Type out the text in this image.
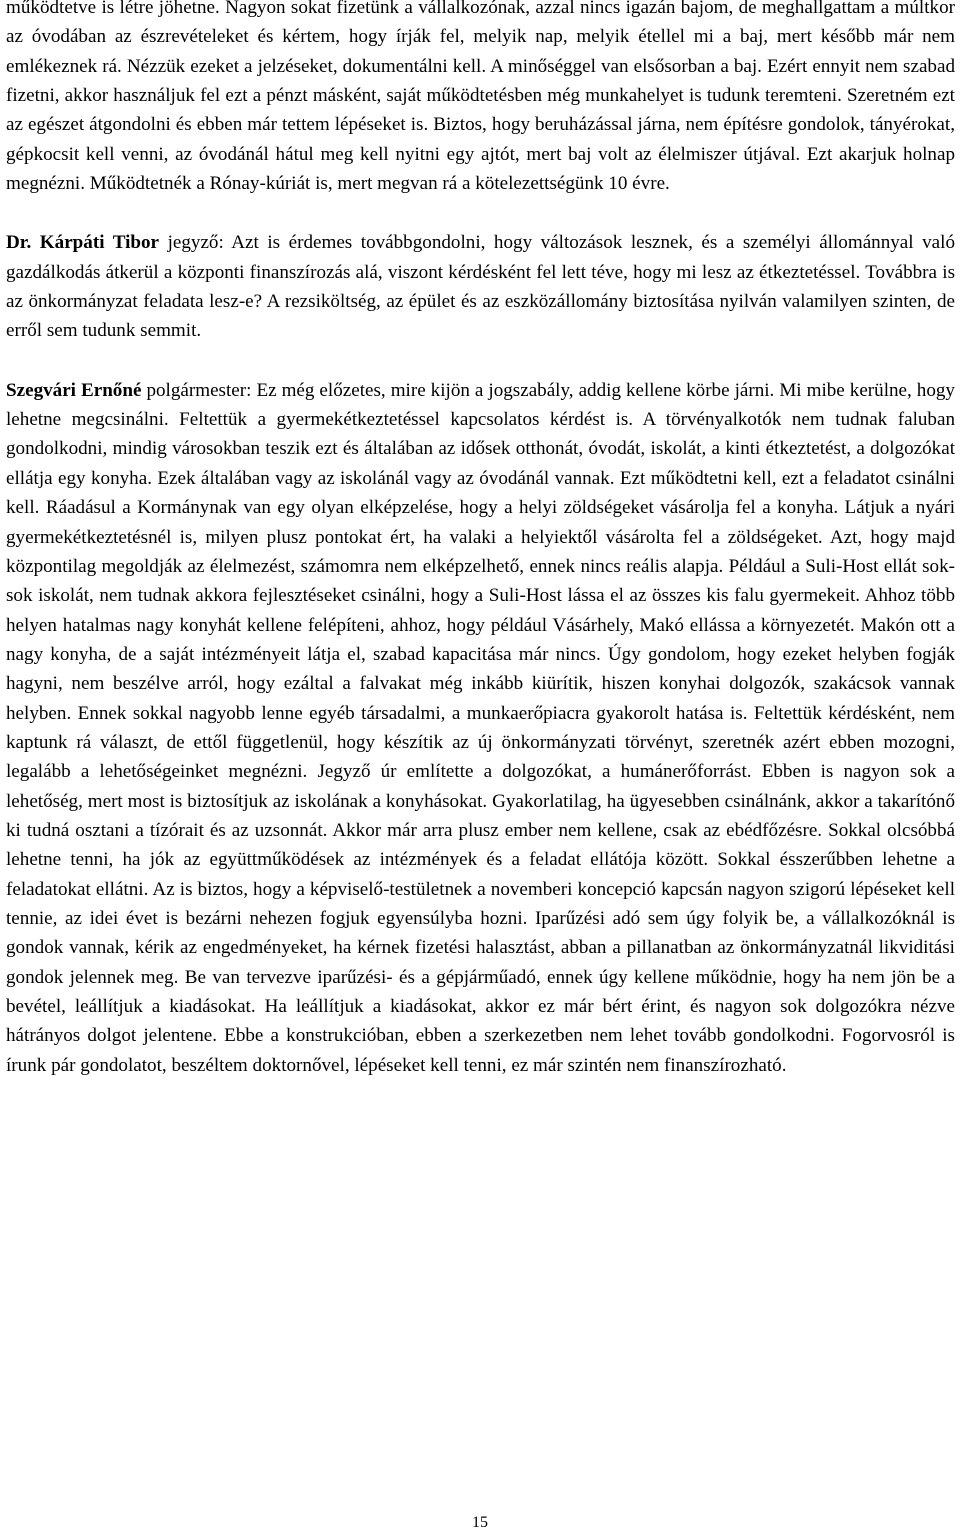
működtetve is létre jöhetne. Nagyon sokat fizetünk a vállalkozónak, azzal nincs igazán bajom, de meghallgattam a múltkor az óvodában az észrevételeket és kértem, hogy írják fel, melyik nap, melyik étellel mi a baj, mert később már nem emlékeznek rá. Nézzük ezeket a jelzéseket, dokumentálni kell. A minőséggel van elsősorban a baj. Ezért ennyit nem szabad fizetni, akkor használjuk fel ezt a pénzt másként, saját működtetésben még munkahelyet is tudunk teremteni. Szeretném ezt az egészet átgondolni és ebben már tettem lépéseket is. Biztos, hogy beruházással járna, nem építésre gondolok, tányérokat, gépkocsit kell venni, az óvodánál hátul meg kell nyitni egy ajtót, mert baj volt az élelmiszer útjával. Ezt akarjuk holnap megnézni. Működtetnék a Rónay-kúriát is, mert megvan rá a kötelezettségünk 10 évre.

Dr. Kárpáti Tibor jegyző: Azt is érdemes továbbgondolni, hogy változások lesznek, és a személyi állománnyal való gazdálkodás átkerül a központi finanszírozás alá, viszont kérdésként fel lett téve, hogy mi lesz az étkeztetéssel. Továbbra is az önkormányzat feladata lesz-e? A rezsiköltség, az épület és az eszközállomány biztosítása nyilván valamilyen szinten, de erről sem tudunk semmit.

Szegvári Ernőné polgármester: Ez még előzetes, mire kijön a jogszabály, addig kellene körbe járni. Mi mibe kerülne, hogy lehetne megcsinálni. Feltettük a gyermekétkeztetéssel kapcsolatos kérdést is. A törvényalkotók nem tudnak faluban gondolkodni, mindig városokban teszik ezt és általában az idősek otthonát, óvodát, iskolát, a kinti étkeztetést, a dolgozókat ellátja egy konyha. Ezek általában vagy az iskolánál vagy az óvodánál vannak. Ezt működtetni kell, ezt a feladatot csinálni kell. Ráadásul a Kormánynak van egy olyan elképzelése, hogy a helyi zöldségeket vásárolja fel a konyha. Látjuk a nyári gyermekétkeztetésnél is, milyen plusz pontokat ért, ha valaki a helyiektől vásárolta fel a zöldségeket. Azt, hogy majd központilag megoldják az élelmezést, számomra nem elképzelhető, ennek nincs reális alapja. Például a Suli-Host ellát sok-sok iskolát, nem tudnak akkora fejlesztéseket csinálni, hogy a Suli-Host lássa el az összes kis falu gyermekeit. Ahhoz több helyen hatalmas nagy konyhát kellene felépíteni, ahhoz, hogy például Vásárhely, Makó ellássa a környezetét. Makón ott a nagy konyha, de a saját intézményeit látja el, szabad kapacitása már nincs. Úgy gondolom, hogy ezeket helyben fogják hagyni, nem beszélve arról, hogy ezáltal a falvakat még inkább kiürítik, hiszen konyhai dolgozók, szakácsok vannak helyben. Ennek sokkal nagyobb lenne egyéb társadalmi, a munkaerőpiacra gyakorolt hatása is. Feltettük kérdésként, nem kaptunk rá választ, de ettől függetlenül, hogy készítik az új önkormányzati törvényt, szeretnék azért ebben mozogni, legalább a lehetőségeinket megnézni. Jegyző úr említette a dolgozókat, a humánerőforrást. Ebben is nagyon sok a lehetőség, mert most is biztosítjuk az iskolának a konyhásokat. Gyakorlatilag, ha ügyesebben csinálnánk, akkor a takarítónő ki tudná osztani a tízórait és az uzsonnát. Akkor már arra plusz ember nem kellene, csak az ebédfőzésre. Sokkal olcsóbbá lehetne tenni, ha jók az együttműködések az intézmények és a feladat ellátója között. Sokkal ésszerűbben lehetne a feladatokat ellátni. Az is biztos, hogy a képviselő-testületnek a novemberi koncepció kapcsán nagyon szigorú lépéseket kell tennie, az idei évet is bezárni nehezen fogjuk egyensúlyba hozni. Iparűzési adó sem úgy folyik be, a vállalkozóknál is gondok vannak, kérik az engedményeket, ha kérnek fizetési halasztást, abban a pillanatban az önkormányzatnál likviditási gondok jelennek meg. Be van tervezve iparűzési- és a gépjárműadó, ennek úgy kellene működnie, hogy ha nem jön be a bevétel, leállítjuk a kiadásokat. Ha leállítjuk a kiadásokat, akkor ez már bért érint, és nagyon sok dolgozókra nézve hátrányos dolgot jelentene. Ebbe a konstrukcióban, ebben a szerkezetben nem lehet tovább gondolkodni. Fogorvosról is írunk pár gondolatot, beszéltem doktornővel, lépéseket kell tenni, ez már szintén nem finanszírozható.

15
